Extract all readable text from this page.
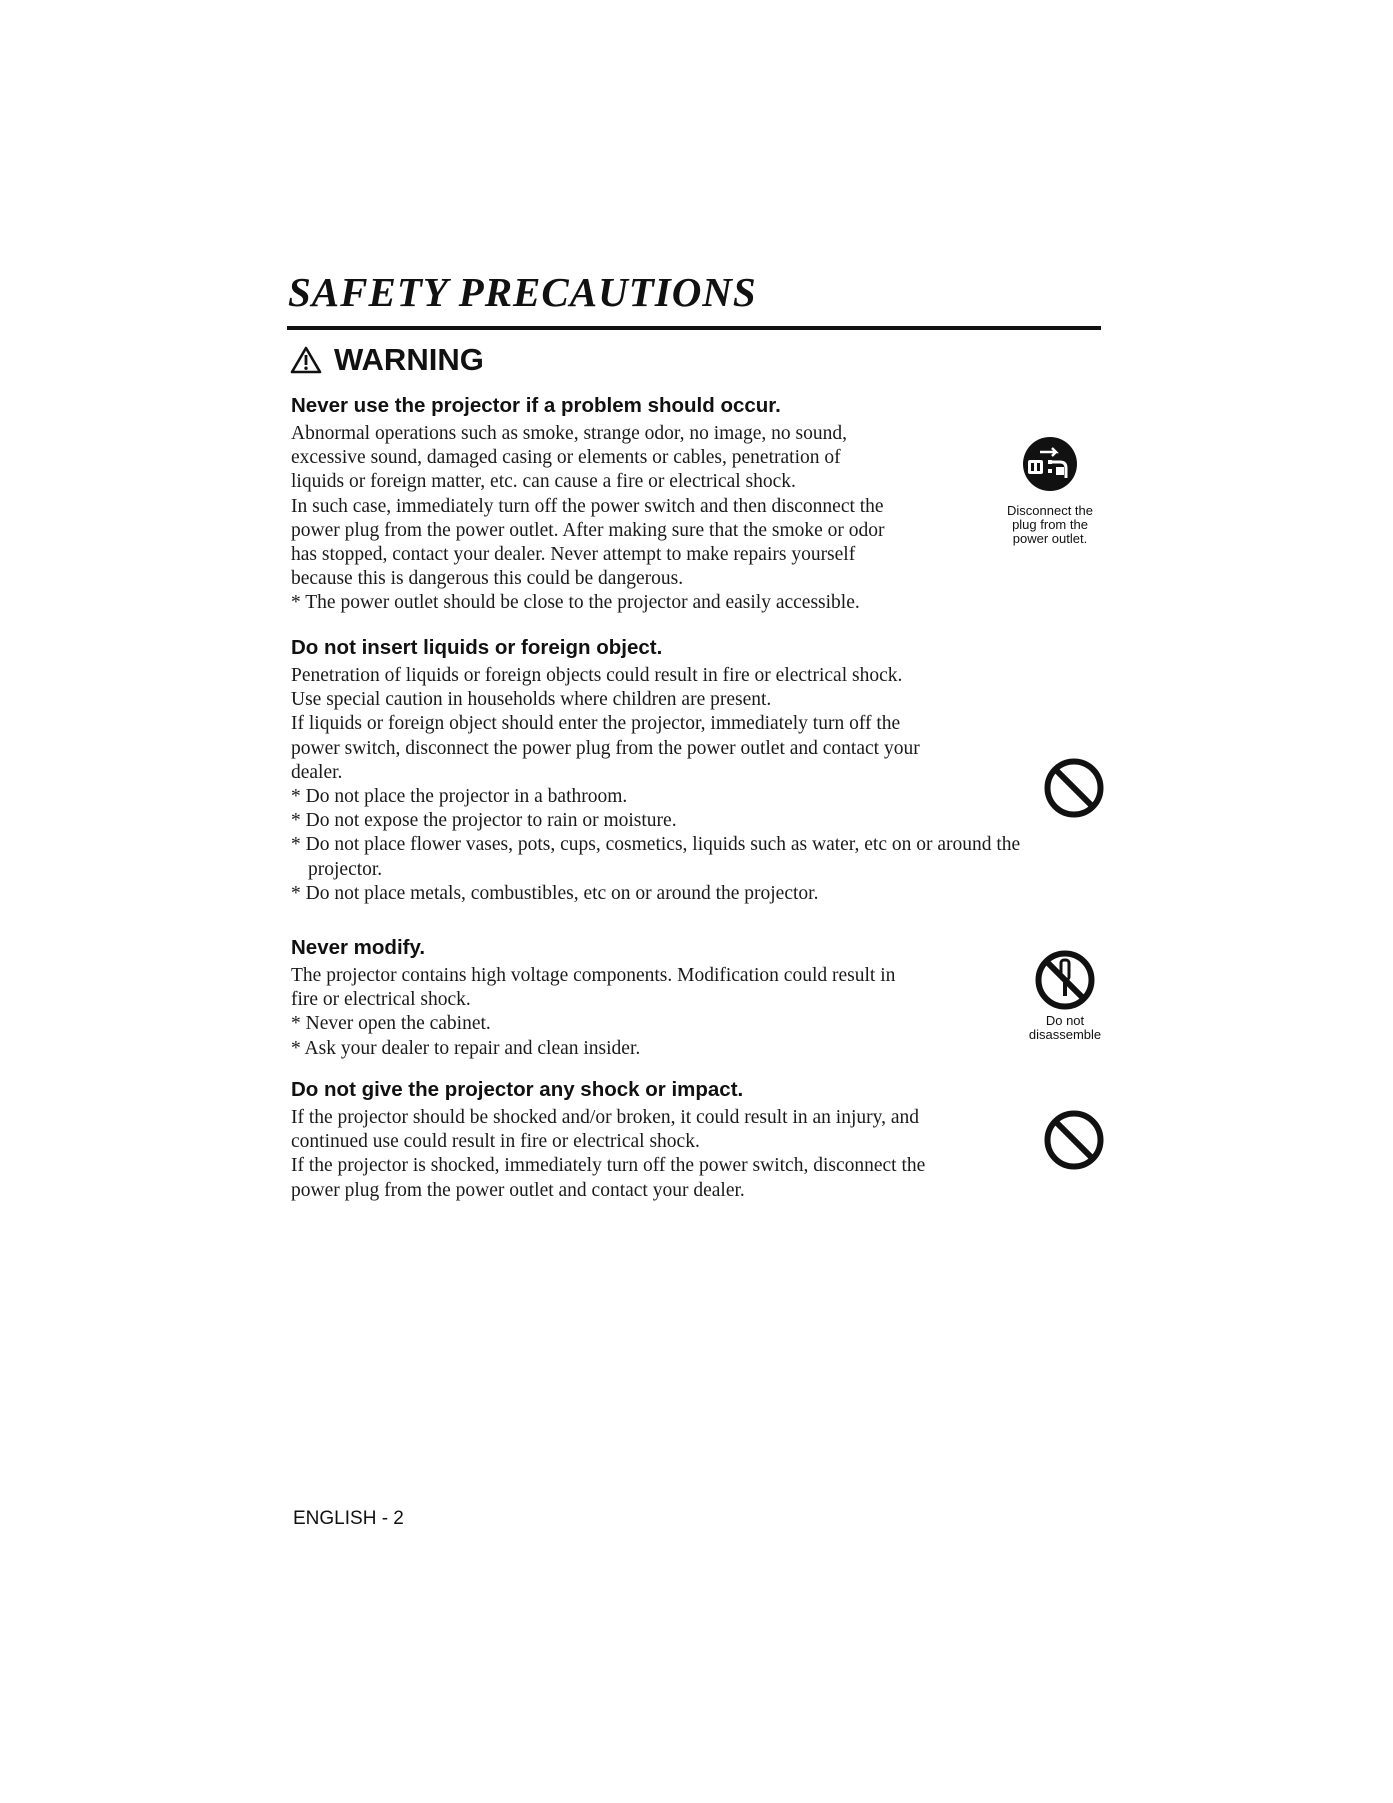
SAFETY PRECAUTIONS
WARNING
Never use the projector if a problem should occur.

Abnormal operations such as smoke, strange odor, no image, no sound,

excessive sound, damaged casing or elements or cables, penetration of

liquids or foreign matter, etc. can cause a fire or electrical shock.

In such case, immediately turn off the power switch and then disconnect the

power plug from the power outlet. After making sure that the smoke or odor

has stopped, contact your dealer. Never attempt to make repairs yourself

because this is dangerous this could be dangerous.

* The power outlet should be close to the projector and easily accessible.

Disconnect the
plug from the
power outlet.
Do not insert liquids or foreign object.

Penetration of liquids or foreign objects could result in fire or electrical shock.

Use special caution in households where children are present.

If liquids or foreign object should enter the projector, immediately turn off the

power switch, disconnect the power plug from the power outlet and contact your

dealer.

* Do not place the projector in a bathroom.

* Do not expose the projector to rain or moisture.

* Do not place flower vases, pots, cups, cosmetics, liquids such as water, etc on or around the projector.

* Do not place metals, combustibles, etc on or around the projector.

Never modify.

The projector contains high voltage components. Modification could result in

fire or electrical shock.

* Never open the cabinet.

* Ask your dealer to repair and clean insider.

Do not
disassemble
Do not give the projector any shock or impact.

If the projector should be shocked and/or broken, it could result in an injury, and

continued use could result in fire or electrical shock.

If the projector is shocked, immediately turn off the power switch, disconnect the

power plug from the power outlet and contact your dealer.

ENGLISH - 2
